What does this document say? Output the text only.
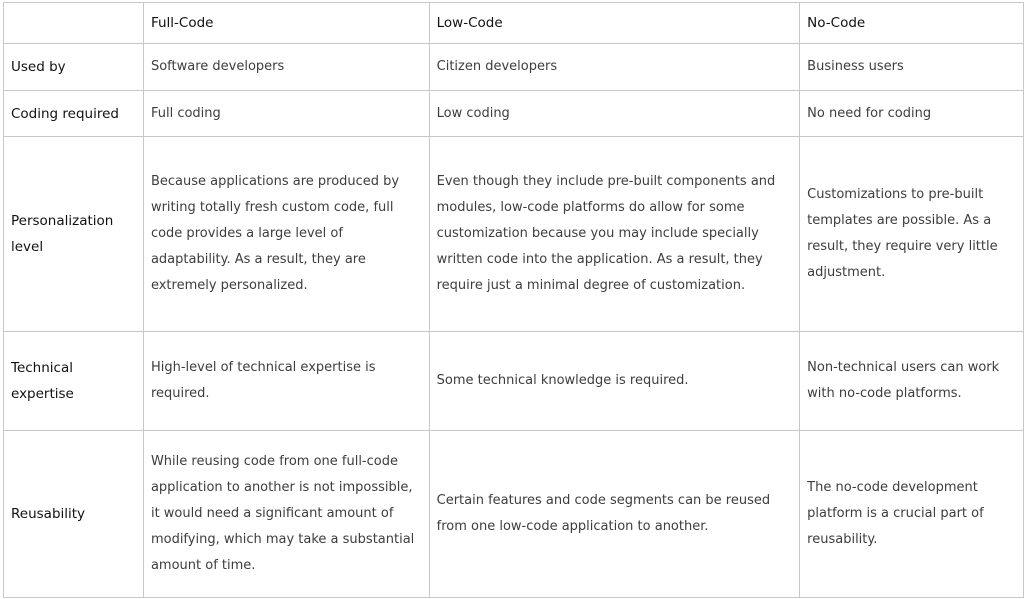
	Full-Code	Low-Code	No-Code
Used by	Software developers	Citizen developers	Business users
Coding required	Full coding	Low coding	No need for coding
Personalization level	Because applications are produced by writing totally fresh custom code, full code provides a large level of adaptability. As a result, they are extremely personalized.	Even though they include pre-built components and modules, low-code platforms do allow for some customization because you may include specially written code into the application. As a result, they require just a minimal degree of customization.	Customizations to pre-built templates are possible. As a result, they require very little adjustment.
Technical expertise	High-level of technical expertise is required.	Some technical knowledge is required.	Non-technical users can work with no-code platforms.
Reusability	While reusing code from one full-code application to another is not impossible, it would need a significant amount of modifying, which may take a substantial amount of time.	Certain features and code segments can be reused from one low-code application to another.	The no-code development platform is a crucial part of reusability.
